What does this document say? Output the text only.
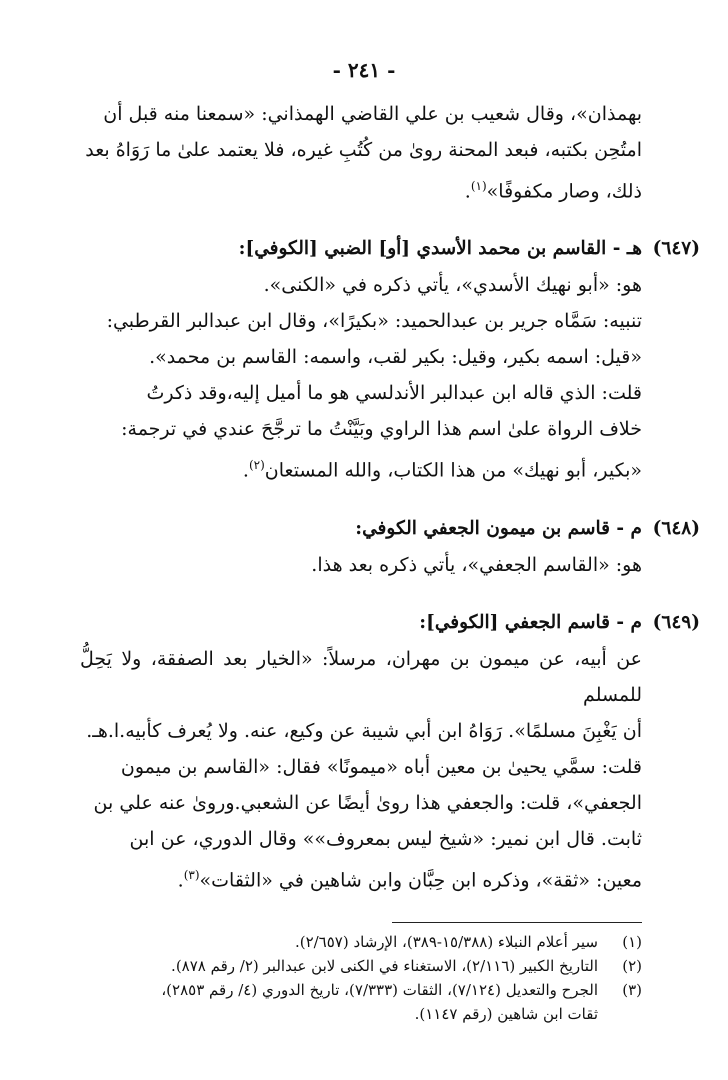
- ٢٤١ -

بهمذان»، وقال شعيب بن علي القاضي الهمذاني: «سمعنا منه قبل أن

امتُحِن بكتبه، فبعد المحنة روىٰ من كُتُبِ غيره، فلا يعتمد علىٰ ما رَوَاهُ بعد

ذلك، وصار مكفوفًا»$^{(١)}$.

(٦٤٧)
هـ - القاسم بن محمد الأسدي [أو] الضبي [الكوفي]:

هو: «أبو نهيك الأسدي»، يأتي ذكره في «الكنى».

تنبيه: سَمَّاه جرير بن عبدالحميد: «بكيرًا»، وقال ابن عبدالبر القرطبي:

«قيل: اسمه بكير، وقيل: بكير لقب، واسمه: القاسم بن محمد».

قلت: الذي قاله ابن عبدالبر الأندلسي هو ما أميل إليه،وقد ذكرتُ

خلاف الرواة علىٰ اسم هذا الراوي وبَيَّنْتُ ما ترجَّحَ عندي في ترجمة:

«بكير، أبو نهيك» من هذا الكتاب، والله المستعان$^{(٢)}$.

(٦٤٨)
م - قاسم بن ميمون الجعفي الكوفي:

هو: «القاسم الجعفي»، يأتي ذكره بعد هذا.

(٦٤٩)
م - قاسم الجعفي [الكوفي]:

عن أبيه، عن ميمون بن مهران، مرسلاً: «الخيار بعد الصفقة، ولا يَحِلُّ للمسلم

أن يَغْبِنَ مسلمًا». رَوَاهُ ابن أبي شيبة عن وكيع، عنه. ولا يُعرف كأبيه.ا.هـ.

قلت: سمَّي يحيىٰ بن معين أباه «ميمونًا» فقال: «القاسم بن ميمون

الجعفي»، قلت: والجعفي هذا روىٰ أيضًا عن الشعبي.وروىٰ عنه علي بن

ثابت. قال ابن نمير: «شيخ ليس بمعروف»» وقال الدوري، عن ابن

معين: «ثقة»، وذكره ابن حِبَّان وابن شاهين في «الثقات»$^{(٣)}$.

(١)
سير أعلام النبلاء (١٥/٣٨٨-٣٨٩)، الإرشاد (٢/٦٥٧).

(٢)
التاريخ الكبير (٢/١١٦)، الاستغناء في الكنى لابن عبدالبر (٢/ رقم ٨٧٨).

(٣)
الجرح والتعديل (٧/١٢٤)، الثقات (٧/٣٣٣)، تاريخ الدوري (٤/ رقم ٢٨٥٣)،

ثقات ابن شاهين (رقم ١١٤٧).
